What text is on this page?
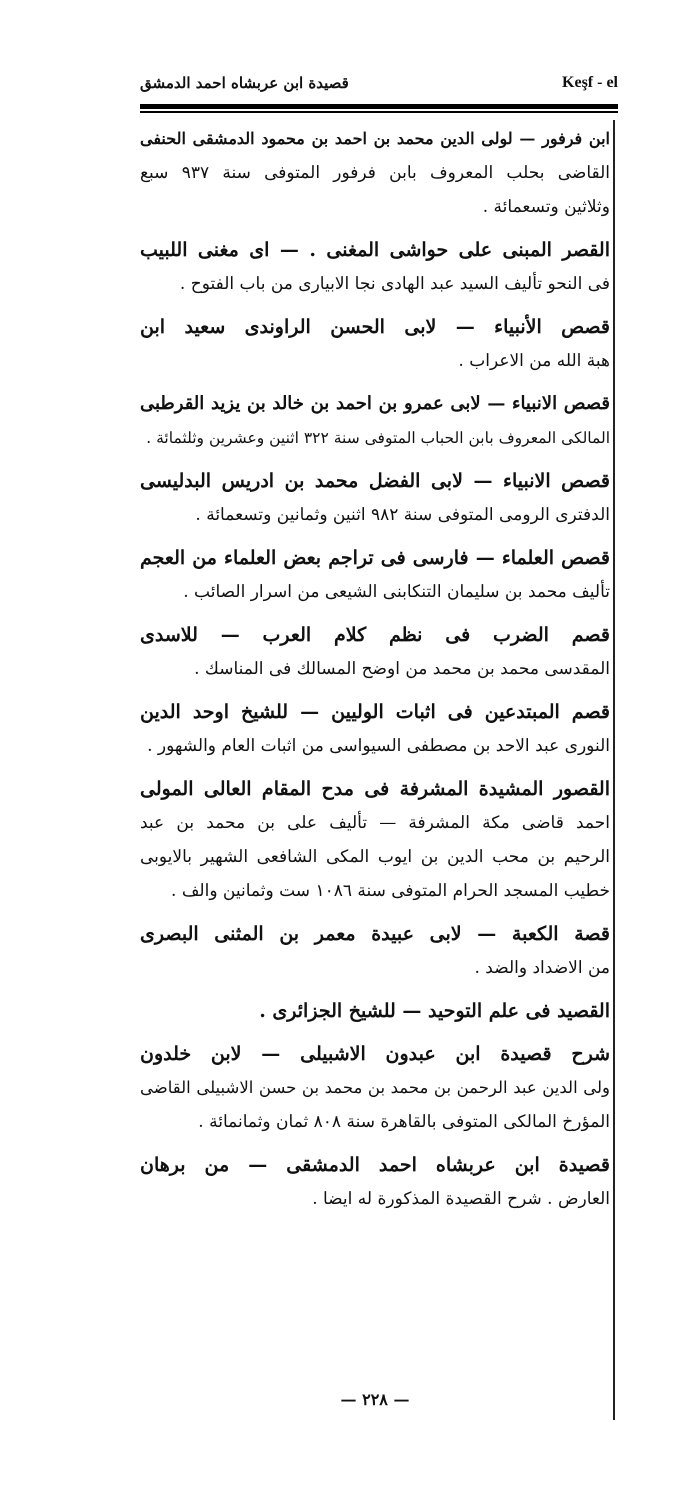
قصيدة ابن عربشاه احمد الدمشق	Keşf - el
ابن فرفور — لولى الدين محمد بن احمد بن محمود الدمشقى الحنفى
القاضى بحلب المعروف بابن فرفور المتوفى سنة ٩٣٧ سبع
وثلاثين وتسعمائة .
القصر المبنى على حواشى المغنى . — اى مغنى اللبيب
فى النحو تأليف السيد عبد الهادى نجا الابيارى من باب الفتوح .
قصص الأنبياء — لابى الحسن الراوندى سعيد ابن
هبة الله من الاعراب .
قصص الانبياء — لابى عمرو بن احمد بن خالد بن يزيد القرطبى
المالكى المعروف بابن الحباب المتوفى سنة ٣٢٢ اثنين وعشرين وثلثمائة .
قصص الانبياء — لابى الفضل محمد بن ادريس البدليسى
الدفترى الرومى المتوفى سنة ٩٨٢ اثنين وثمانين وتسعمائة .
قصص العلماء — فارسى فى تراجم بعض العلماء من العجم
تأليف محمد بن سليمان التنكابنى الشيعى من اسرار الصائب .
قصم الضرب فى نظم كلام العرب — للاسدى
المقدسى محمد بن محمد من اوضح المسالك فى المناسك .
قصم المبتدعين فى اثبات الوليين — للشيخ اوحد الدين
النورى عبد الاحد بن مصطفى السيواسى من اثبات العام والشهور .
القصور المشيدة المشرفة فى مدح المقام العالى المولى
احمد قاضى مكة المشرفة — تأليف على بن محمد بن عبد
الرحيم بن محب الدين بن ايوب المكى الشافعى الشهير بالايوبى
خطيب المسجد الحرام المتوفى سنة ١٠٨٦ ست وثمانين والف .
قصة الكعبة — لابى عبيدة معمر بن المثنى البصرى
من الاضداد والضد .
القصيد فى علم التوحيد — للشيخ الجزائرى .
شرح قصيدة ابن عبدون الاشبيلى — لابن خلدون
ولى الدين عبد الرحمن بن محمد بن محمد بن حسن الاشبيلى القاضى
المؤرخ المالكى المتوفى بالقاهرة سنة ٨٠٨ ثمان وثمانمائة .
قصيدة ابن عربشاه احمد الدمشقى — من برهان
العارض . شرح القصيدة المذكورة له ايضا .
— ٢٢٨ —
